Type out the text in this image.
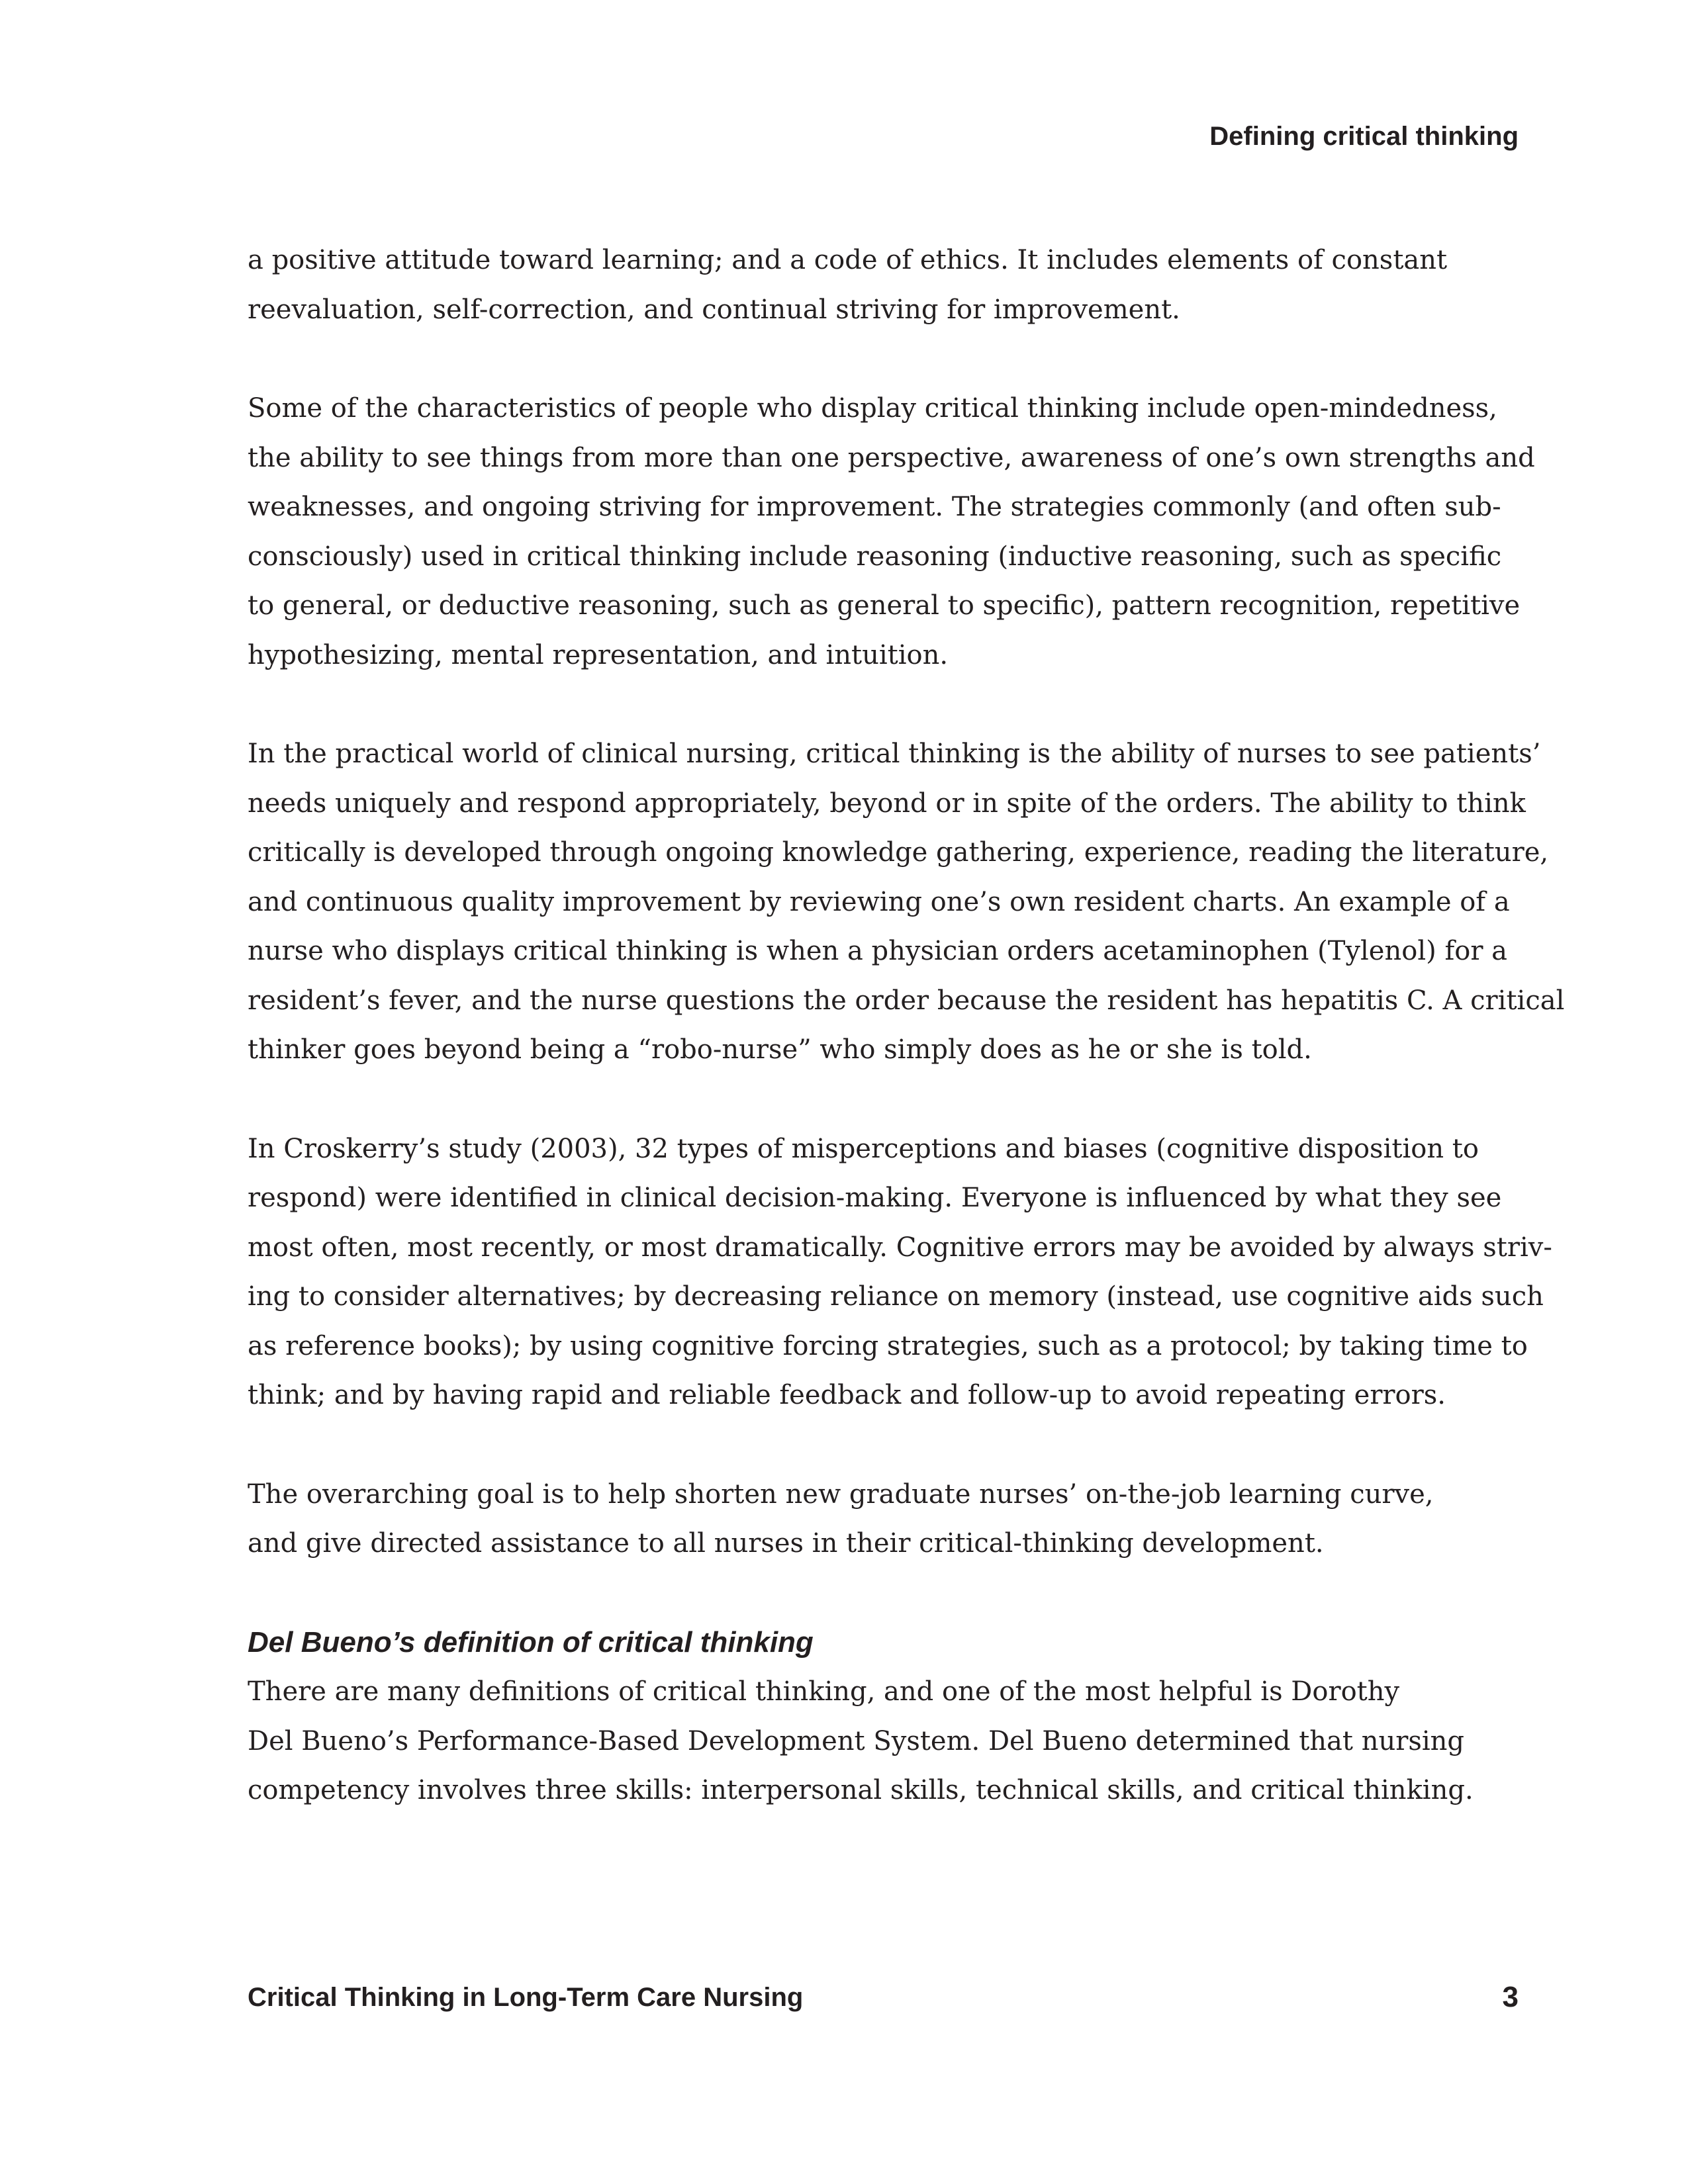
Defining critical thinking

a positive attitude toward learning; and a code of ethics. It includes elements of constant
reevaluation, self-correction, and continual striving for improvement.

Some of the characteristics of people who display critical thinking include open-mindedness,
the ability to see things from more than one perspective, awareness of one’s own strengths and
weaknesses, and ongoing striving for improvement. The strategies commonly (and often sub-
consciously) used in critical thinking include reasoning (inductive reasoning, such as specific
to general, or deductive reasoning, such as general to specific), pattern recognition, repetitive
hypothesizing, mental representation, and intuition.

In the practical world of clinical nursing, critical thinking is the ability of nurses to see patients’
needs uniquely and respond appropriately, beyond or in spite of the orders. The ability to think
critically is developed through ongoing knowledge gathering, experience, reading the literature,
and continuous quality improvement by reviewing one’s own resident charts. An example of a
nurse who displays critical thinking is when a physician orders acetaminophen (Tylenol) for a
resident’s fever, and the nurse questions the order because the resident has hepatitis C. A critical
thinker goes beyond being a “robo-nurse” who simply does as he or she is told.

In Croskerry’s study (2003), 32 types of misperceptions and biases (cognitive disposition to
respond) were identified in clinical decision-making. Everyone is influenced by what they see
most often, most recently, or most dramatically. Cognitive errors may be avoided by always striv-
ing to consider alternatives; by decreasing reliance on memory (instead, use cognitive aids such
as reference books); by using cognitive forcing strategies, such as a protocol; by taking time to
think; and by having rapid and reliable feedback and follow-up to avoid repeating errors.

The overarching goal is to help shorten new graduate nurses’ on-the-job learning curve,
and give directed assistance to all nurses in their critical-thinking development.

Del Bueno’s definition of critical thinking

There are many definitions of critical thinking, and one of the most helpful is Dorothy
Del Bueno’s Performance-Based Development System. Del Bueno determined that nursing
competency involves three skills: interpersonal skills, technical skills, and critical thinking.

Critical Thinking in Long-Term Care Nursing	3
